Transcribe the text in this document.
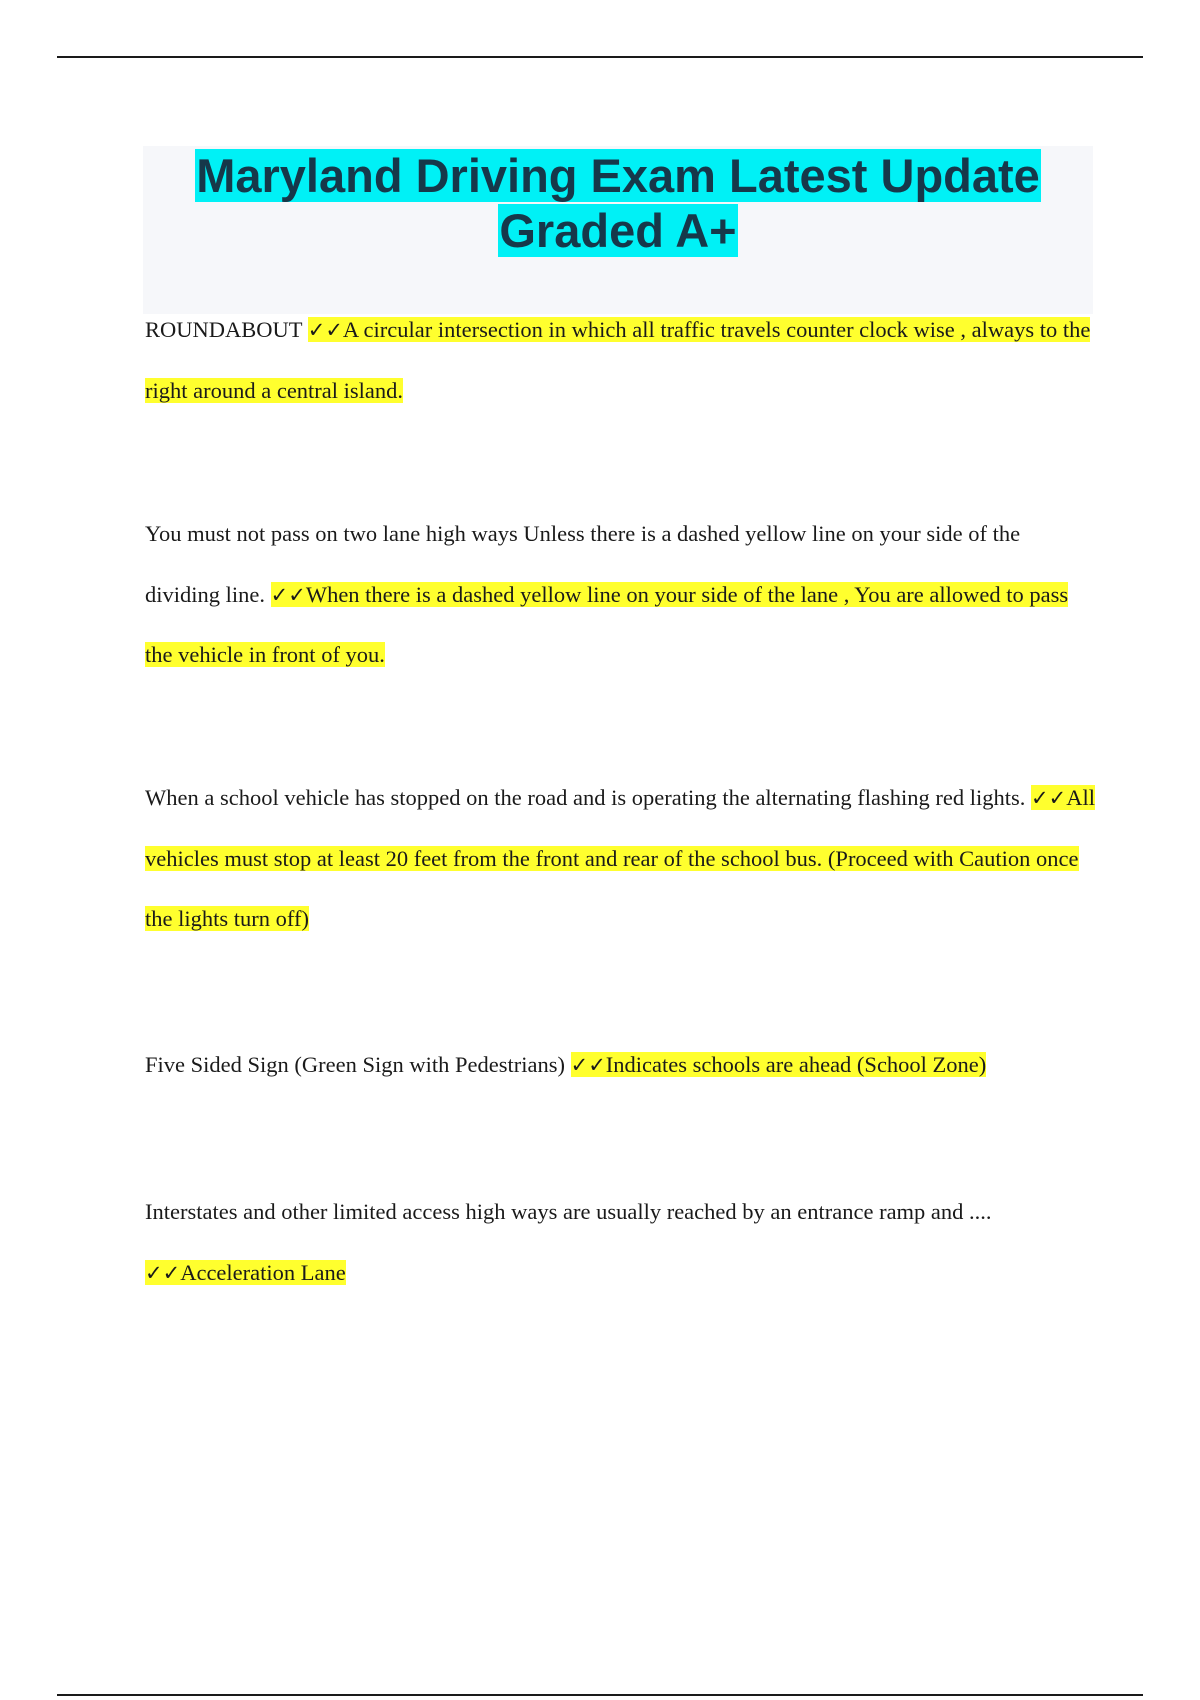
Maryland Driving Exam Latest Update
Graded A+

ROUNDABOUT ✓✓A circular intersection in which all traffic travels counter clock wise , always to the right around a central island.

You must not pass on two lane high ways Unless there is a dashed yellow line on your side of the dividing line. ✓✓When there is a dashed yellow line on your side of the lane , You are allowed to pass the vehicle in front of you.

When a school vehicle has stopped on the road and is operating the alternating flashing red lights. ✓✓All vehicles must stop at least 20 feet from the front and rear of the school bus. (Proceed with Caution once the lights turn off)

Five Sided Sign (Green Sign with Pedestrians) ✓✓Indicates schools are ahead (School Zone)

Interstates and other limited access high ways are usually reached by an entrance ramp and .... ✓✓Acceleration Lane
